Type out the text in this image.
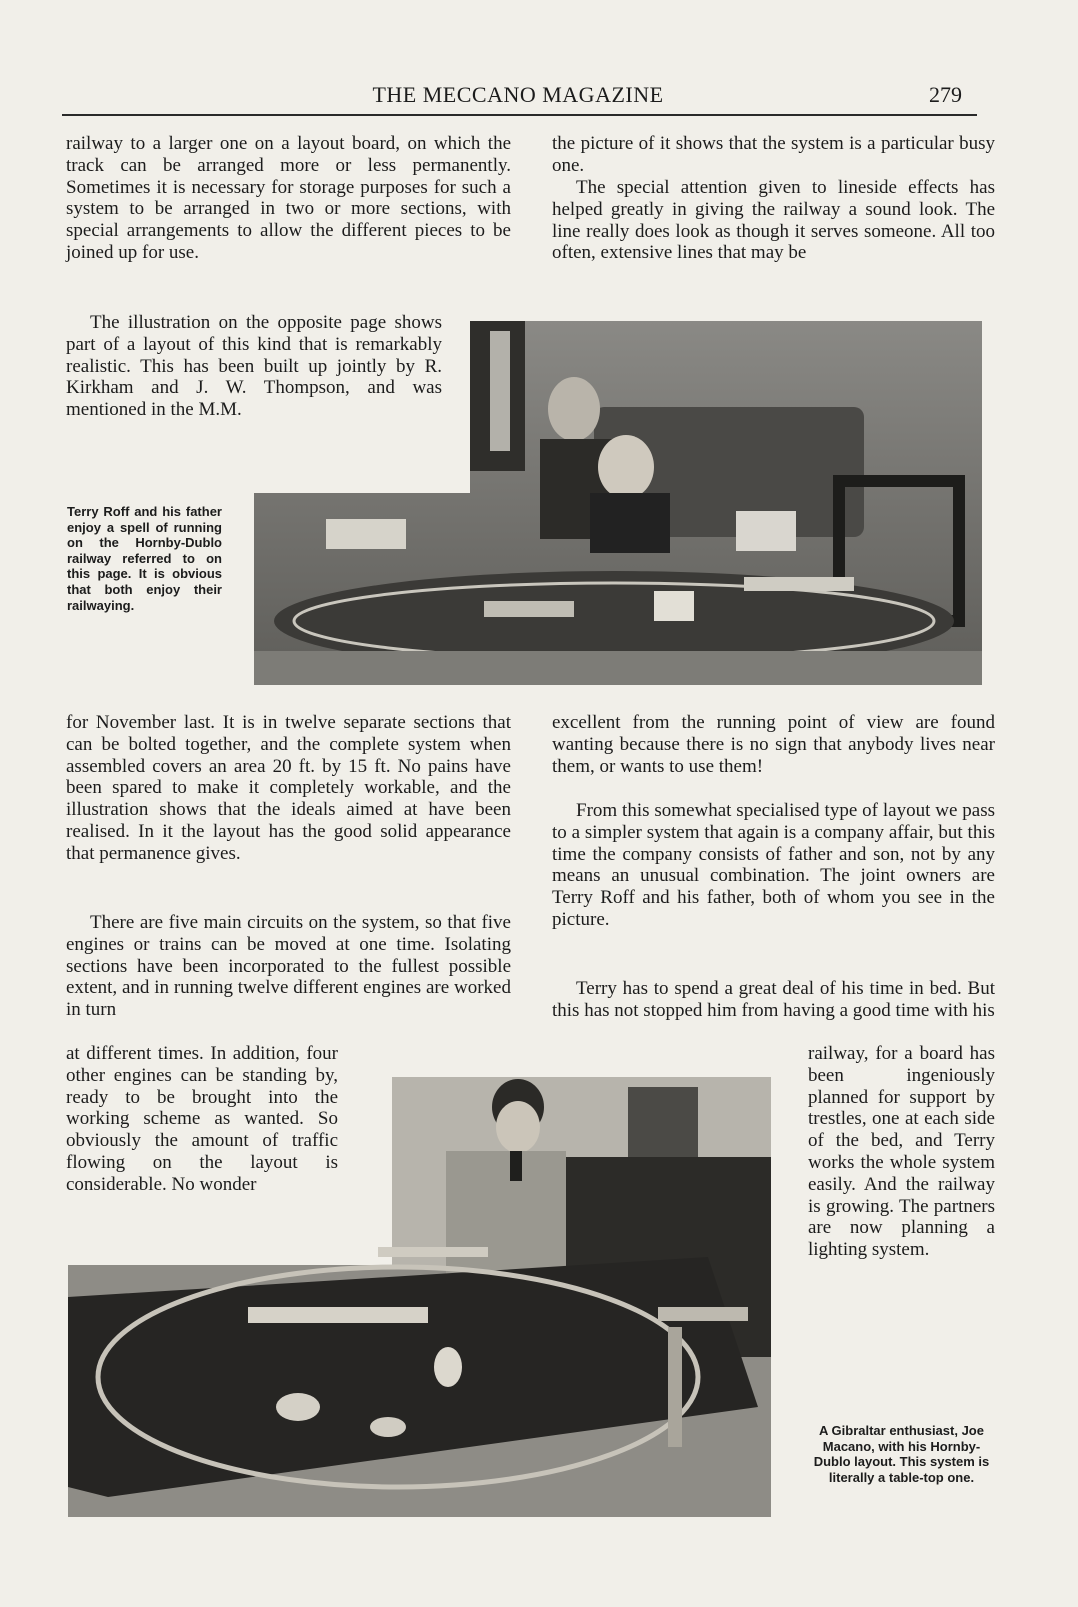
THE MECCANO MAGAZINE	279

railway to a larger one on a layout board, on which the track can be arranged more or less permanently. Sometimes it is necessary for storage purposes for such a system to be arranged in two or more sections, with special arrangements to allow the different pieces to be joined up for use.

The illustration on the opposite page shows part of a layout of this kind that is remarkably realistic. This has been built up jointly by R. Kirkham and J. W. Thompson, and was mentioned in the M.M.

the picture of it shows that the system is a particular busy one.

The special attention given to lineside effects has helped greatly in giving the railway a sound look. The line really does look as though it serves someone. All too often, extensive lines that may be

Terry Roff and his father enjoy a spell of running on the Hornby-Dublo railway referred to on this page. It is obvious that both enjoy their railwaying.

for November last. It is in twelve separate sections that can be bolted together, and the complete system when assembled covers an area 20 ft. by 15 ft. No pains have been spared to make it completely workable, and the illustration shows that the ideals aimed at have been realised. In it the layout has the good solid appearance that permanence gives.

There are five main circuits on the system, so that five engines or trains can be moved at one time. Isolating sections have been incorporated to the fullest possible extent, and in running twelve different engines are worked in turn

at different times. In addition, four other engines can be standing by, ready to be brought into the working scheme as wanted. So obviously the amount of traffic flowing on the layout is considerable. No wonder

excellent from the running point of view are found wanting because there is no sign that anybody lives near them, or wants to use them!

From this somewhat specialised type of layout we pass to a simpler system that again is a company affair, but this time the company consists of father and son, not by any means an unusual combination. The joint owners are Terry Roff and his father, both of whom you see in the picture.

Terry has to spend a great deal of his time in bed. But this has not stopped him from having a good time with his

railway, for a board has been ingeniously planned for support by trestles, one at each side of the bed, and Terry works the whole system easily. And the railway is growing. The partners are now planning a lighting system.

A Gibraltar enthusiast, Joe Macano, with his Hornby-Dublo layout. This system is literally a table-top one.
